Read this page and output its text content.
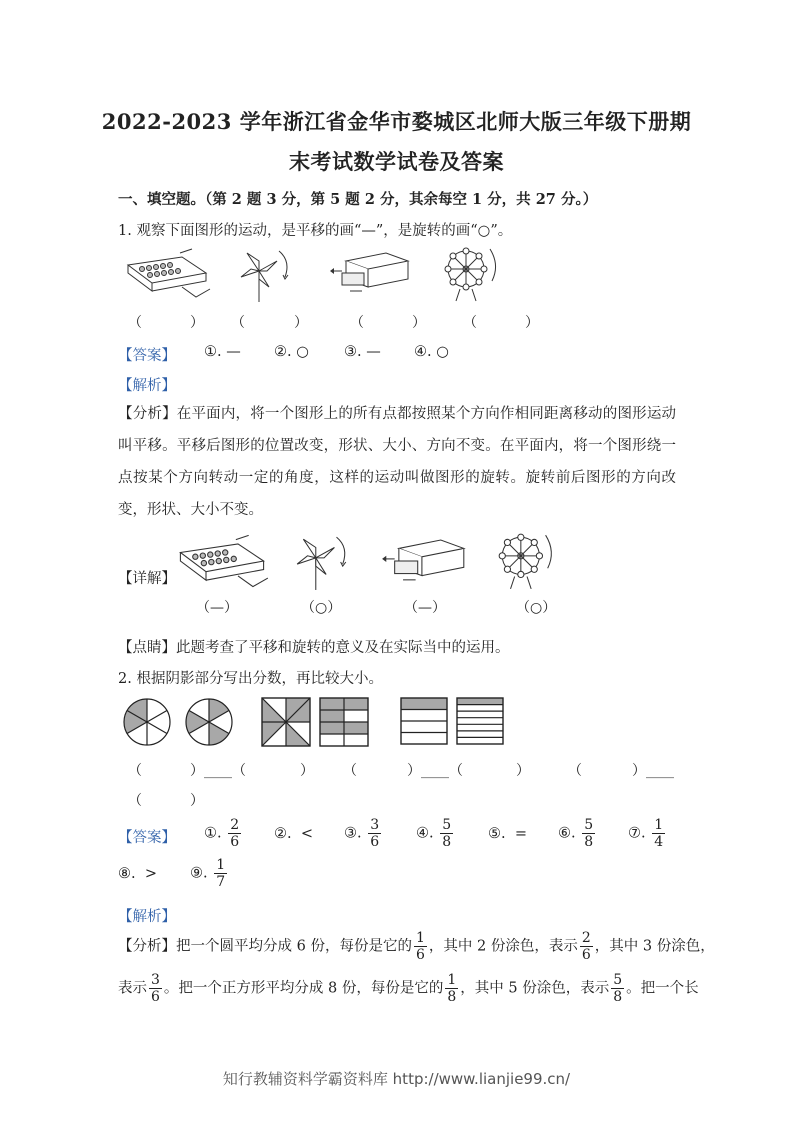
2022-2023 学年浙江省金华市婺城区北师大版三年级下册期
末考试数学试卷及答案
一、填空题。（第 2 题 3 分，第 5 题 2 分，其余每空 1 分，共 27 分。）
1. 观察下面图形的运动，是平移的画“—”，是旋转的画“○”。
（	） （	）	（	）	（	）
【答案】 ①. — ②. ○ ③. — ④. ○
【解析】
【分析】在平面内，将一个图形上的所有点都按照某个方向作相同距离移动的图形运动叫平移。平移后图形的位置改变，形状、大小、方向不变。在平面内，将一个图形绕一点按某个方向转动一定的角度，这样的运动叫做图形的旋转。旋转前后图形的方向改变，形状、大小不变。
【详解】
（—）	（○）	（—）	（○）
【点睛】此题考查了平移和旋转的意义及在实际当中的运用。
2. 根据阴影部分写出分数，再比较大小。
（	）____（	） （	）____（	）	（	）____
（	）
【答案】 ①. $\frac{2}{6}$ ②. < ③. $\frac{3}{6}$ ④. $\frac{5}{8}$ ⑤. = ⑥. $\frac{5}{8}$ ⑦. $\frac{1}{4}$
⑧. > ⑨. $\frac{1}{7}$
【解析】
【分析】把一个圆平均分成 6 份，每份是它的 $\frac{1}{6}$ ，其中 2 份涂色，表示 $\frac{2}{6}$ ，其中 3 份涂色，
表示 $\frac{3}{6}$ 。把一个正方形平均分成 8 份，每份是它的 $\frac{1}{8}$ ，其中 5 份涂色，表示 $\frac{5}{8}$ 。把一个长
知行教辅资料学霸资料库 http://www.lianjie99.cn/
